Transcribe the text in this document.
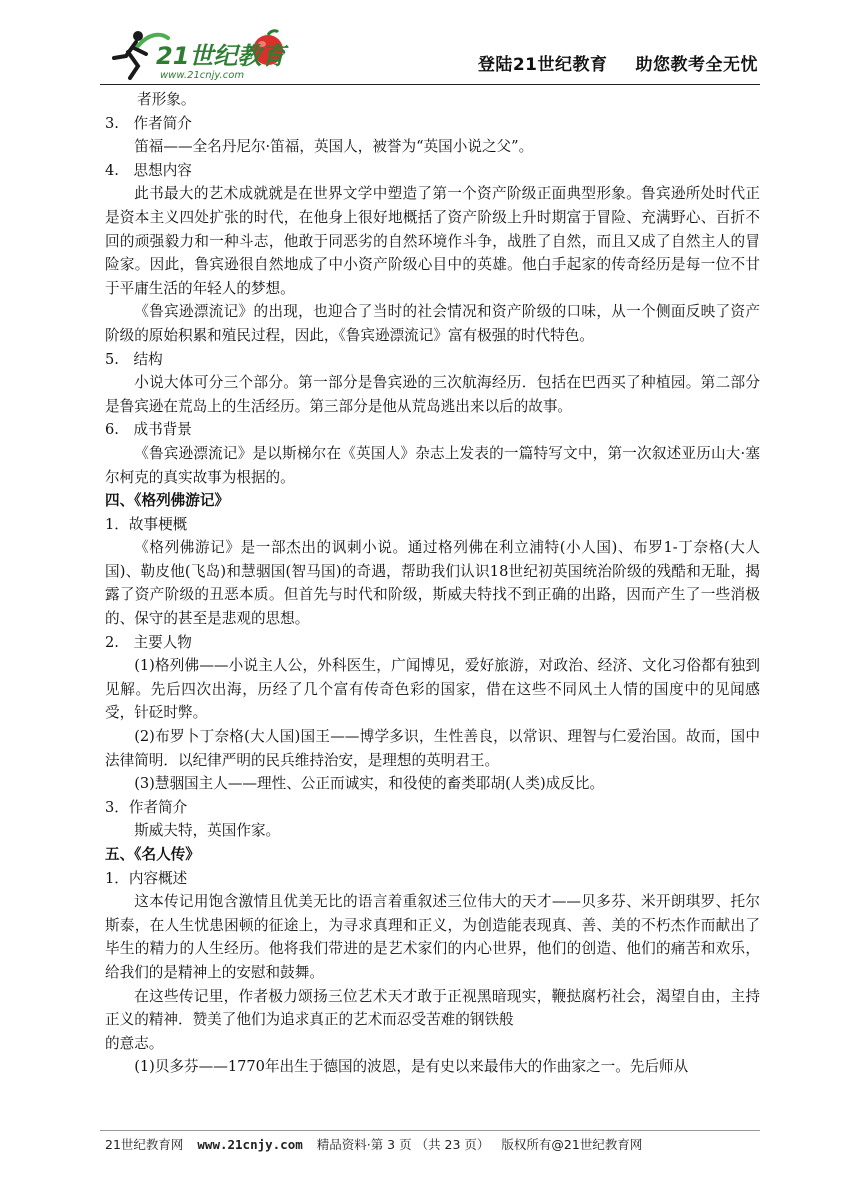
21世纪教育
www.21cnjy.com
登陆21世纪教育 助您教考全无忧

者形象。

3.　作者简介

笛福——全名丹尼尔·笛福，英国人，被誉为“英国小说之父”。

4.　思想内容

此书最大的艺术成就就是在世界文学中塑造了第一个资产阶级正面典型形象。鲁宾逊所处时代正是资本主义四处扩张的时代，在他身上很好地概括了资产阶级上升时期富于冒险、充满野心、百折不回的顽强毅力和一种斗志，他敢于同恶劣的自然环境作斗争，战胜了自然，而且又成了自然主人的冒险家。因此，鲁宾逊很自然地成了中小资产阶级心目中的英雄。他白手起家的传奇经历是每一位不甘于平庸生活的年轻人的梦想。

《鲁宾逊漂流记》的出现，也迎合了当时的社会情况和资产阶级的口味，从一个侧面反映了资产阶级的原始积累和殖民过程，因此，《鲁宾逊漂流记》富有极强的时代特色。

5.　结构

小说大体可分三个部分。第一部分是鲁宾逊的三次航海经历．包括在巴西买了种植园。第二部分是鲁宾逊在荒岛上的生活经历。第三部分是他从荒岛逃出来以后的故事。

6.　成书背景

《鲁宾逊漂流记》是以斯梯尔在《英国人》杂志上发表的一篇特写文中，第一次叙述亚历山大·塞尔柯克的真实故事为根据的。

四、《格列佛游记》

1．故事梗概

《格列佛游记》是一部杰出的讽刺小说。通过格列佛在利立浦特(小人国)、布罗1-丁奈格(大人国)、勒皮他(飞岛)和慧骃国(智马国)的奇遇，帮助我们认识18世纪初英国统治阶级的残酷和无耻，揭露了资产阶级的丑恶本质。但首先与时代和阶级，斯威夫特找不到正确的出路，因而产生了一些消极的、保守的甚至是悲观的思想。

2.　主要人物

(1)格列佛——小说主人公，外科医生，广闻博见，爱好旅游，对政治、经济、文化习俗都有独到见解。先后四次出海，历经了几个富有传奇色彩的国家，借在这些不同风土人情的国度中的见闻感受，针砭时弊。

(2)布罗卜丁奈格(大人国)国王——博学多识，生性善良，以常识、理智与仁爱治国。故而，国中法律简明．以纪律严明的民兵维持治安，是理想的英明君王。

(3)慧骃国主人——理性、公正而诚实，和役使的畜类耶胡(人类)成反比。

3．作者简介

斯威夫特，英国作家。

五、《名人传》

1．内容概述

这本传记用饱含激情且优美无比的语言着重叙述三位伟大的天才——贝多芬、米开朗琪罗、托尔斯泰，在人生忧患困顿的征途上，为寻求真理和正义，为创造能表现真、善、美的不朽杰作而献出了毕生的精力的人生经历。他将我们带进的是艺术家们的内心世界，他们的创造、他们的痛苦和欢乐，给我们的是精神上的安慰和鼓舞。

在这些传记里，作者极力颂扬三位艺术天才敢于正视黑暗现实，鞭挞腐朽社会，渴望自由，主持正义的精神．赞美了他们为追求真正的艺术而忍受苦难的钢铁般

的意志。

(1)贝多芬——1770年出生于德国的波恩，是有史以来最伟大的作曲家之一。先后师从

21世纪教育网 www.21cnjy.com 精品资料·第 3 页 （共 23 页） 版权所有@21世纪教育网
